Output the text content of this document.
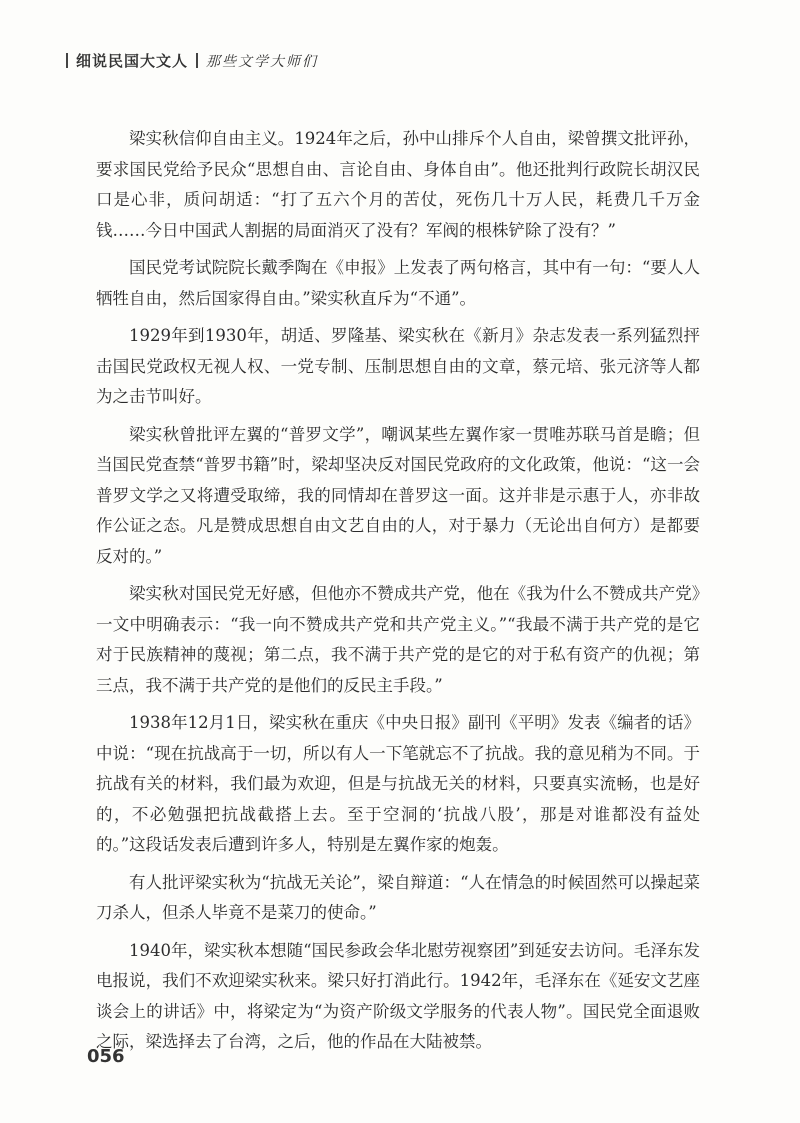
细说民国大文人 那些文学大师们

梁实秋信仰自由主义。1924年之后，孙中山排斥个人自由，梁曾撰文批评孙，要求国民党给予民众“思想自由、言论自由、身体自由”。他还批判行政院长胡汉民口是心非，质问胡适：“打了五六个月的苦仗，死伤几十万人民，耗费几千万金钱……今日中国武人割据的局面消灭了没有？军阀的根株铲除了没有？”

国民党考试院院长戴季陶在《申报》上发表了两句格言，其中有一句：“要人人牺牲自由，然后国家得自由。”梁实秋直斥为“不通”。

1929年到1930年，胡适、罗隆基、梁实秋在《新月》杂志发表一系列猛烈抨击国民党政权无视人权、一党专制、压制思想自由的文章，蔡元培、张元济等人都为之击节叫好。

梁实秋曾批评左翼的“普罗文学”，嘲讽某些左翼作家一贯唯苏联马首是瞻；但当国民党查禁“普罗书籍”时，梁却坚决反对国民党政府的文化政策，他说：“这一会普罗文学之又将遭受取缔，我的同情却在普罗这一面。这并非是示惠于人，亦非故作公证之态。凡是赞成思想自由文艺自由的人，对于暴力（无论出自何方）是都要反对的。”

梁实秋对国民党无好感，但他亦不赞成共产党，他在《我为什么不赞成共产党》一文中明确表示：“我一向不赞成共产党和共产党主义。”“我最不满于共产党的是它对于民族精神的蔑视；第二点，我不满于共产党的是它的对于私有资产的仇视；第三点，我不满于共产党的是他们的反民主手段。”

1938年12月1日，梁实秋在重庆《中央日报》副刊《平明》发表《编者的话》中说：“现在抗战高于一切，所以有人一下笔就忘不了抗战。我的意见稍为不同。于抗战有关的材料，我们最为欢迎，但是与抗战无关的材料，只要真实流畅，也是好的，不必勉强把抗战截搭上去。至于空洞的‘抗战八股’，那是对谁都没有益处的。”这段话发表后遭到许多人，特别是左翼作家的炮轰。

有人批评梁实秋为“抗战无关论”，梁自辩道：“人在情急的时候固然可以操起菜刀杀人，但杀人毕竟不是菜刀的使命。”

1940年，梁实秋本想随“国民参政会华北慰劳视察团”到延安去访问。毛泽东发电报说，我们不欢迎梁实秋来。梁只好打消此行。1942年，毛泽东在《延安文艺座谈会上的讲话》中，将梁定为“为资产阶级文学服务的代表人物”。国民党全面退败之际，梁选择去了台湾，之后，他的作品在大陆被禁。

056
